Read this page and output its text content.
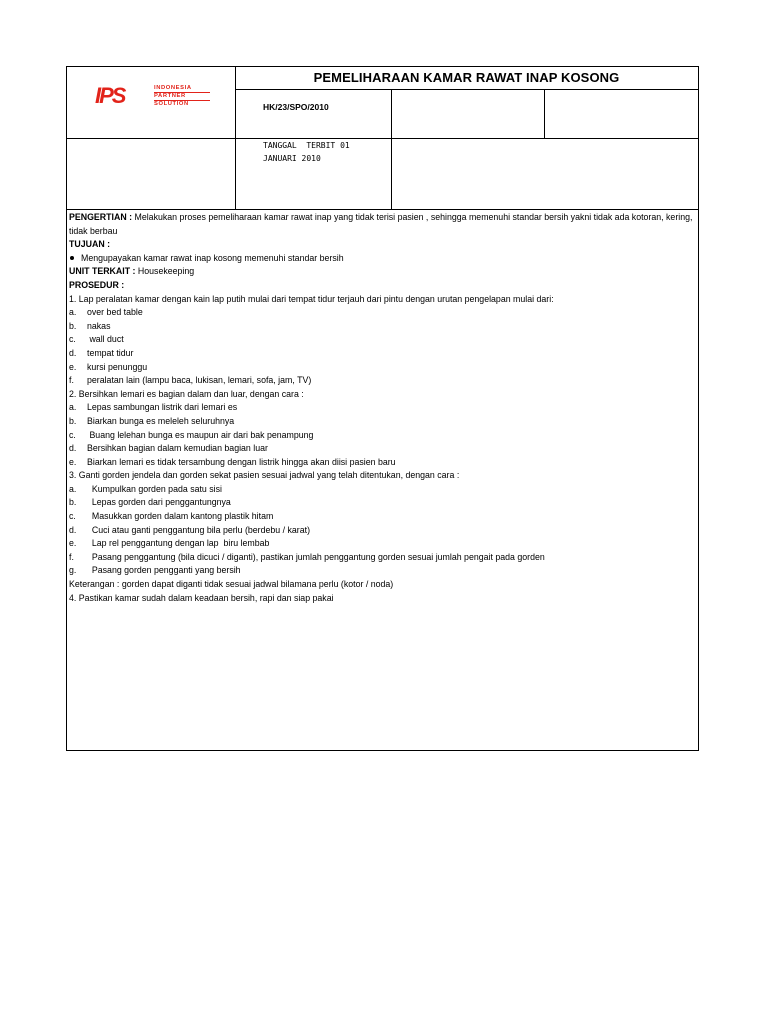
IPS	INDONESIA
PARTNER
SOLUTION
PEMELIHARAAN KAMAR RAWAT INAP KOSONG
HK/23/SPO/2010
TANGGAL  TERBIT 01 JANUARI 2010
PENGERTIAN : Melakukan proses pemeliharaan kamar rawat inap yang tidak terisi pasien , sehingga memenuhi standar bersih yakni tidak ada kotoran, kering, tidak berbau
TUJUAN :
Mengupayakan kamar rawat inap kosong memenuhi standar bersih
UNIT TERKAIT : Housekeeping
PROSEDUR :
1. Lap peralatan kamar dengan kain lap putih mulai dari tempat tidur terjauh dari pintu dengan urutan pengelapan mulai dari:
a. over bed table
b. nakas
c. wall duct
d. tempat tidur
e. kursi penunggu
f. peralatan lain (lampu baca, lukisan, lemari, sofa, jam, TV)
2. Bersihkan lemari es bagian dalam dan luar, dengan cara :
a. Lepas sambungan listrik dari lemari es
b. Biarkan bunga es meleleh seluruhnya
c. Buang lelehan bunga es maupun air dari bak penampung
d. Bersihkan bagian dalam kemudian bagian luar
e. Biarkan lemari es tidak tersambung dengan listrik hingga akan diisi pasien baru
3. Ganti gorden jendela dan gorden sekat pasien sesuai jadwal yang telah ditentukan, dengan cara :
a.  Kumpulkan gorden pada satu sisi
b.  Lepas gorden dari penggantungnya
c.  Masukkan gorden dalam kantong plastik hitam
d.  Cuci atau ganti penggantung bila perlu (berdebu / karat)
e.  Lap rel penggantung dengan lap  biru lembab
f.  Pasang penggantung (bila dicuci / diganti), pastikan jumlah penggantung gorden sesuai jumlah pengait pada gorden
g.  Pasang gorden pengganti yang bersih
Keterangan : gorden dapat diganti tidak sesuai jadwal bilamana perlu (kotor / noda)
4. Pastikan kamar sudah dalam keadaan bersih, rapi dan siap pakai
